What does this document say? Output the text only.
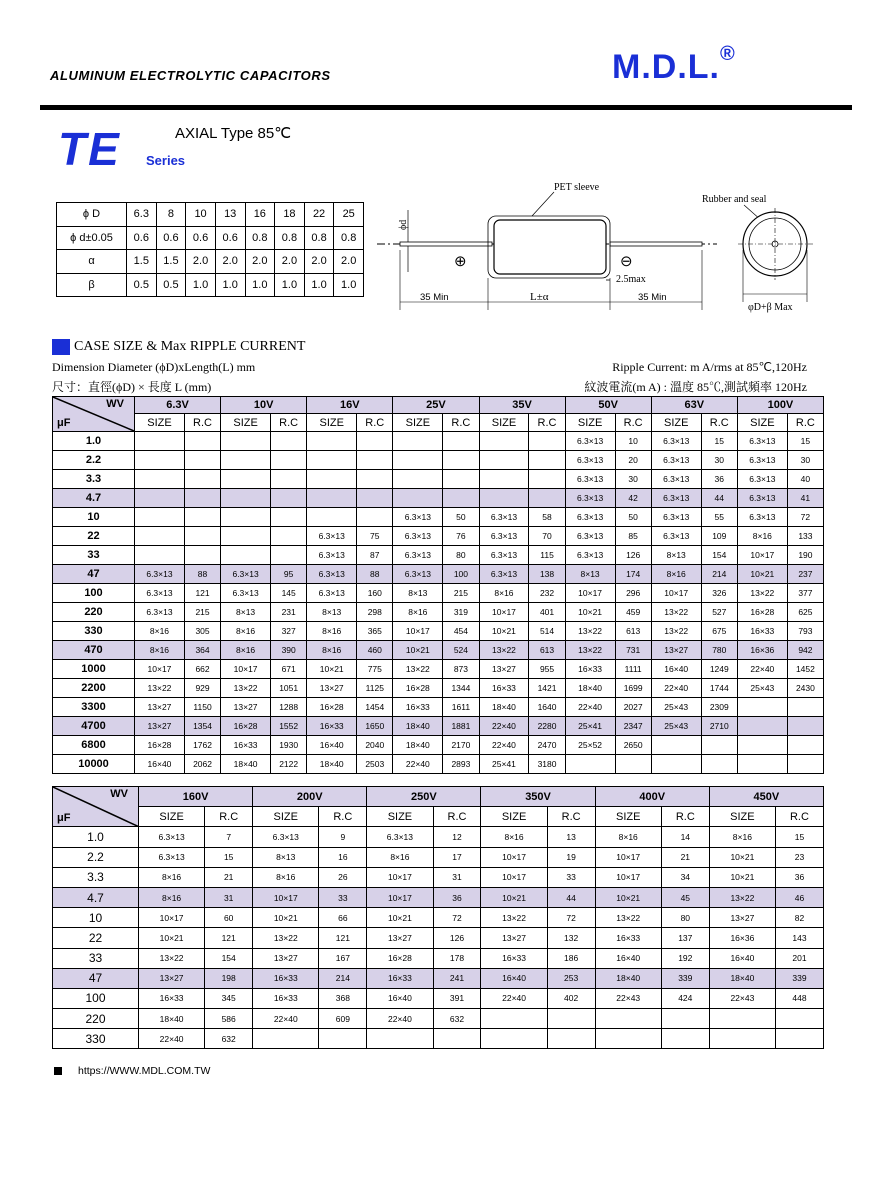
ALUMINUM ELECTROLYTIC CAPACITORS	M.D.L.®
TE	AXIAL Type 85℃
Series
ϕ D	6.3	8	10	13	16	18	22	25
ϕ d±0.05	0.6	0.6	0.6	0.6	0.8	0.8	0.8	0.8
α	1.5	1.5	2.0	2.0	2.0	2.0	2.0	2.0
β	0.5	0.5	1.0	1.0	1.0	1.0	1.0	1.0
PET sleeve
ϕd
⊕	⊖
2.5max
35 Min	L±α	35 Min
Rubber and seal
φD+β Max
CASE SIZE & Max RIPPLE CURRENT
Dimension Diameter (ϕD)xLength(L) mm
尺寸：直徑(ϕD) × 長度 L (mm)
Ripple Current: m A/rms at 85℃,120Hz
紋波電流(m A) : 溫度 85℃,測試頻率 120Hz
WV
μF	6.3V		10V		16V		25V		35V		50V		63V		100V	
	SIZE	R.C	SIZE	R.C	SIZE	R.C	SIZE	R.C	SIZE	R.C	SIZE	R.C	SIZE	R.C	SIZE	R.C
1.0											6.3×13	10	6.3×13	15	6.3×13	15
2.2											6.3×13	20	6.3×13	30	6.3×13	30
3.3											6.3×13	30	6.3×13	36	6.3×13	40
4.7											6.3×13	42	6.3×13	44	6.3×13	41
10							6.3×13	50	6.3×13	58	6.3×13	50	6.3×13	55	6.3×13	72
22					6.3×13	75	6.3×13	76	6.3×13	70	6.3×13	85	6.3×13	109	8×16	133
33					6.3×13	87	6.3×13	80	6.3×13	115	6.3×13	126	8×13	154	10×17	190
47	6.3×13	88	6.3×13	95	6.3×13	88	6.3×13	100	6.3×13	138	8×13	174	8×16	214	10×21	237
100	6.3×13	121	6.3×13	145	6.3×13	160	8×13	215	8×16	232	10×17	296	10×17	326	13×22	377
220	6.3×13	215	8×13	231	8×13	298	8×16	319	10×17	401	10×21	459	13×22	527	16×28	625
330	8×16	305	8×16	327	8×16	365	10×17	454	10×21	514	13×22	613	13×22	675	16×33	793
470	8×16	364	8×16	390	8×16	460	10×21	524	13×22	613	13×22	731	13×27	780	16×36	942
1000	10×17	662	10×17	671	10×21	775	13×22	873	13×27	955	16×33	1111	16×40	1249	22×40	1452
2200	13×22	929	13×22	1051	13×27	1125	16×28	1344	16×33	1421	18×40	1699	22×40	1744	25×43	2430
3300	13×27	1150	13×27	1288	16×28	1454	16×33	1611	18×40	1640	22×40	2027	25×43	2309		
4700	13×27	1354	16×28	1552	16×33	1650	18×40	1881	22×40	2280	25×41	2347	25×43	2710		
6800	16×28	1762	16×33	1930	16×40	2040	18×40	2170	22×40	2470	25×52	2650				
10000	16×40	2062	18×40	2122	18×40	2503	22×40	2893	25×41	3180						
WV
μF	160V		200V		250V		350V		400V		450V	
	SIZE	R.C	SIZE	R.C	SIZE	R.C	SIZE	R.C	SIZE	R.C	SIZE	R.C
1.0	6.3×13	7	6.3×13	9	6.3×13	12	8×16	13	8×16	14	8×16	15
2.2	6.3×13	15	8×13	16	8×16	17	10×17	19	10×17	21	10×21	23
3.3	8×16	21	8×16	26	10×17	31	10×17	33	10×17	34	10×21	36
4.7	8×16	31	10×17	33	10×17	36	10×21	44	10×21	45	13×22	46
10	10×17	60	10×21	66	10×21	72	13×22	72	13×22	80	13×27	82
22	10×21	121	13×22	121	13×27	126	13×27	132	16×33	137	16×36	143
33	13×22	154	13×27	167	16×28	178	16×33	186	16×40	192	16×40	201
47	13×27	198	16×33	214	16×33	241	16×40	253	18×40	339	18×40	339
100	16×33	345	16×33	368	16×40	391	22×40	402	22×43	424	22×43	448
220	18×40	586	22×40	609	22×40	632						
330	22×40	632										
https://WWW.MDL.COM.TW
